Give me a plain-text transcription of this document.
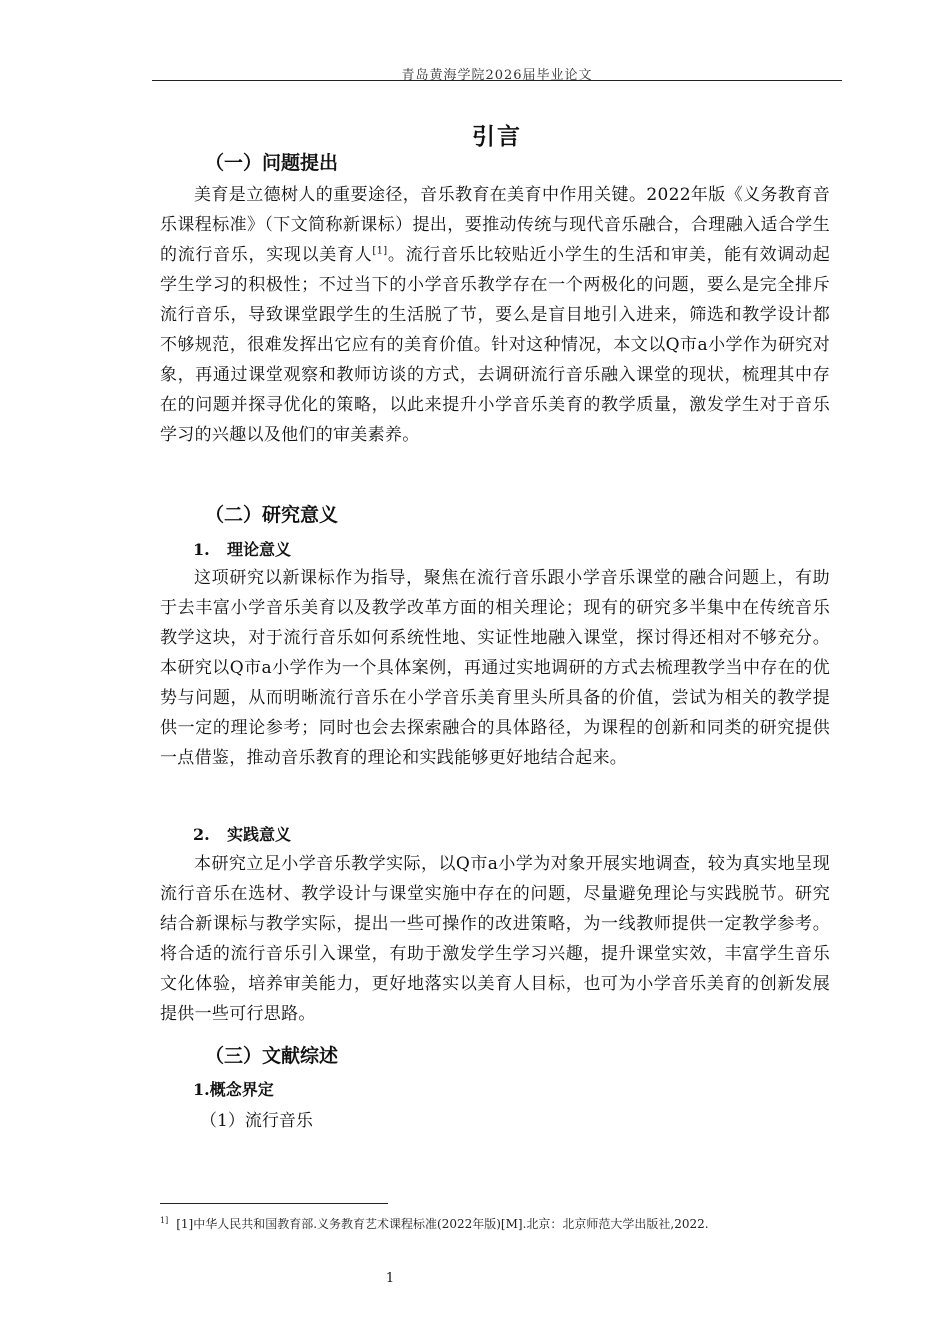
青岛黄海学院2026届毕业论文
引言
（一）问题提出
美育是立德树人的重要途径，音乐教育在美育中作用关键。2022年版《义务教育音乐课程标准》（下文简称新课标）提出，要推动传统与现代音乐融合，合理融入适合学生的流行音乐，实现以美育人[1]。流行音乐比较贴近小学生的生活和审美，能有效调动起学生学习的积极性；不过当下的小学音乐教学存在一个两极化的问题，要么是完全排斥流行音乐，导致课堂跟学生的生活脱了节，要么是盲目地引入进来，筛选和教学设计都不够规范，很难发挥出它应有的美育价值。针对这种情况，本文以Q市a小学作为研究对象，再通过课堂观察和教师访谈的方式，去调研流行音乐融入课堂的现状，梳理其中存在的问题并探寻优化的策略，以此来提升小学音乐美育的教学质量，激发学生对于音乐学习的兴趣以及他们的审美素养。
（二）研究意义
1. 理论意义
这项研究以新课标作为指导，聚焦在流行音乐跟小学音乐课堂的融合问题上，有助于去丰富小学音乐美育以及教学改革方面的相关理论；现有的研究多半集中在传统音乐教学这块，对于流行音乐如何系统性地、实证性地融入课堂，探讨得还相对不够充分。本研究以Q市a小学作为一个具体案例，再通过实地调研的方式去梳理教学当中存在的优势与问题，从而明晰流行音乐在小学音乐美育里头所具备的价值，尝试为相关的教学提供一定的理论参考；同时也会去探索融合的具体路径，为课程的创新和同类的研究提供一点借鉴，推动音乐教育的理论和实践能够更好地结合起来。
2. 实践意义
本研究立足小学音乐教学实际，以Q市a小学为对象开展实地调查，较为真实地呈现流行音乐在选材、教学设计与课堂实施中存在的问题，尽量避免理论与实践脱节。研究结合新课标与教学实际，提出一些可操作的改进策略，为一线教师提供一定教学参考。将合适的流行音乐引入课堂，有助于激发学生学习兴趣，提升课堂实效，丰富学生音乐文化体验，培养审美能力，更好地落实以美育人目标，也可为小学音乐美育的创新发展提供一些可行思路。
（三）文献综述
1.概念界定
（1）流行音乐
$^{1]}$ [1]中华人民共和国教育部.义务教育艺术课程标准(2022年版)[M].北京：北京师范大学出版社,2022.
1
